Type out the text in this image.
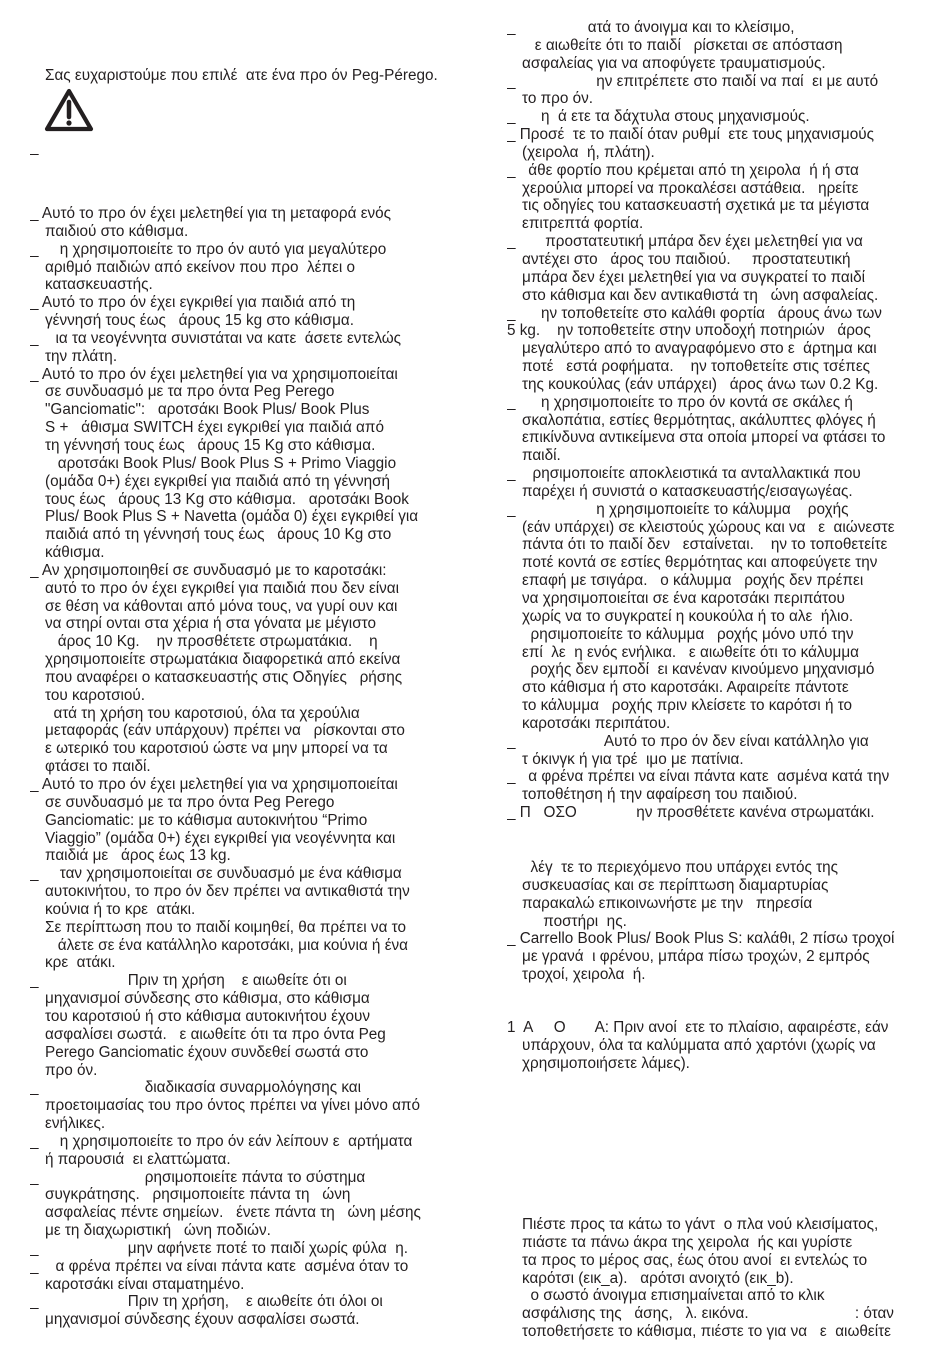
Σας ευχαριστούμε που επιλέ  ατε ένα προ όν Peg-Pérego.
_
_ Αυτό το προ όν έχει μελετηθεί για τη μεταφορά ενός
παιδιού στο κάθισμα.
_     η χρησιμοποιείτε το προ όν αυτό για μεγαλύτερο
αριθμό παιδιών από εκείνον που προ  λέπει ο
κατασκευαστής.
_ Αυτό το προ όν έχει εγκριθεί για παιδιά από τη
γέννησή τους έως   άρους 15 kg στο κάθισμα.
_    ια τα νεογέννητα συνιστάται να κατε  άσετε εντελώς
την πλάτη.
_ Αυτό το προ όν έχει μελετηθεί για να χρησιμοποιείται
σε συνδυασμό με τα προ όντα Peg Perego
"Ganciomatic":   αροτσάκι Book Plus/ Book Plus
S +   άθισμα SWITCH έχει εγκριθεί για παιδιά από
τη γέννησή τους έως   άρους 15 Kg στο κάθισμα.
αροτσάκι Book Plus/ Book Plus S + Primo Viaggio
(ομάδα 0+) έχει εγκριθεί για παιδιά από τη γέννησή
τους έως   άρους 13 Kg στο κάθισμα.   αροτσάκι Book
Plus/ Book Plus S + Navetta (ομάδα 0) έχει εγκριθεί για
παιδιά από τη γέννησή τους έως   άρους 10 Kg στο
κάθισμα.
_ Αν χρησιμοποιηθεί σε συνδυασμό με το καροτσάκι:
αυτό το προ όν έχει εγκριθεί για παιδιά που δεν είναι
σε θέση να κάθονται από μόνα τους, να γυρί ουν και
να στηρί ονται στα χέρια ή στα γόνατα με μέγιστο
άρος 10 Kg.    ην προσθέτετε στρωματάκια.    η
χρησιμοποιείτε στρωματάκια διαφορετικά από εκείνα
που αναφέρει ο κατασκευαστής στις Οδηγίες   ρήσης
του καροτσιού.
ατά τη χρήση του καροτσιού, όλα τα χερούλια
μεταφοράς (εάν υπάρχουν) πρέπει να   ρίσκονται στο
ε ωτερικό του καροτσιού ώστε να μην μπορεί να τα
φτάσει το παιδί.
_ Αυτό το προ όν έχει μελετηθεί για να χρησιμοποιείται
σε συνδυασμό με τα προ όντα Peg Perego
Ganciomatic: με το κάθισμα αυτοκινήτου “Primo
Viaggio” (ομάδα 0+) έχει εγκριθεί για νεογέννητα και
παιδιά με   άρος έως 13 kg.
_     ταν χρησιμοποιείται σε συνδυασμό με ένα κάθισμα
αυτοκινήτου, το προ όν δεν πρέπει να αντικαθιστά την
κούνια ή το κρε  ατάκι.
Σε περίπτωση που το παιδί κοιμηθεί, θα πρέπει να το
άλετε σε ένα κατάλληλο καροτσάκι, μια κούνια ή ένα
κρε  ατάκι.
_                     Πριν τη χρήση    ε αιωθείτε ότι οι
μηχανισμοί σύνδεσης στο κάθισμα, στο κάθισμα
του καροτσιού ή στο κάθισμα αυτοκινήτου έχουν
ασφαλίσει σωστά.   ε αιωθείτε ότι τα προ όντα Peg
Perego Ganciomatic έχουν συνδεθεί σωστά στο
προ όν.
_                         διαδικασία συναρμολόγησης και
προετοιμασίας του προ όντος πρέπει να γίνει μόνο από
ενήλικες.
_     η χρησιμοποιείτε το προ όν εάν λείπουν ε  αρτήματα
ή παρουσιά  ει ελαττώματα.
_                         ρησιμοποιείτε πάντα το σύστημα
συγκράτησης.   ρησιμοποιείτε πάντα τη   ώνη
ασφαλείας πέντε σημείων.   ένετε πάντα τη   ώνη μέσης
με τη διαχωριστική   ώνη ποδιών.
_                     μην αφήνετε ποτέ το παιδί χωρίς φύλα  η.
_    α φρένα πρέπει να είναι πάντα κατε  ασμένα όταν το
καροτσάκι είναι σταματημένο.
_                     Πριν τη χρήση,    ε αιωθείτε ότι όλοι οι
μηχανισμοί σύνδεσης έχουν ασφαλίσει σωστά.
_                 ατά το άνοιγμα και το κλείσιμο,
ε αιωθείτε ότι το παιδί   ρίσκεται σε απόσταση
ασφαλείας για να αποφύγετε τραυματισμούς.
_                   ην επιτρέπετε στο παιδί να παί  ει με αυτό
το προ όν.
_      η  ά ετε τα δάχτυλα στους μηχανισμούς.
_ Προσέ  τε το παιδί όταν ρυθμί  ετε τους μηχανισμούς
(χειρολα  ή, πλάτη).
_   άθε φορτίο που κρέμεται από τη χειρολα  ή ή στα
χερούλια μπορεί να προκαλέσει αστάθεια.   ηρείτε
τις οδηγίες του κατασκευαστή σχετικά με τα μέγιστα
επιτρεπτά φορτία.
_       προστατευτική μπάρα δεν έχει μελετηθεί για να
αντέχει στο   άρος του παιδιού.     προστατευτική
μπάρα δεν έχει μελετηθεί για να συγκρατεί το παιδί
στο κάθισμα και δεν αντικαθιστά τη   ώνη ασφαλείας.
_      ην τοποθετείτε στο καλάθι φορτία   άρους άνω των
5 kg.    ην τοποθετείτε στην υποδοχή ποτηριών   άρος
μεγαλύτερο από το αναγραφόμενο στο ε  άρτημα και
ποτέ   εστά ροφήματα.    ην τοποθετείτε στις τσέπες
της κουκούλας (εάν υπάρχει)   άρος άνω των 0.2 Kg.
_      η χρησιμοποιείτε το προ όν κοντά σε σκάλες ή
σκαλοπάτια, εστίες θερμότητας, ακάλυπτες φλόγες ή
επικίνδυνα αντικείμενα στα οποία μπορεί να φτάσει το
παιδί.
_    ρησιμοποιείτε αποκλειστικά τα ανταλλακτικά που
παρέχει ή συνιστά ο κατασκευαστής/εισαγωγέας.
_                   η χρησιμοποιείτε το κάλυμμα    ροχής
(εάν υπάρχει) σε κλειστούς χώρους και να   ε  αιώνεστε
πάντα ότι το παιδί δεν   εσταίνεται.    ην το τοποθετείτε
ποτέ κοντά σε εστίες θερμότητας και αποφεύγετε την
επαφή με τσιγάρα.   ο κάλυμμα   ροχής δεν πρέπει
να χρησιμοποιείται σε ένα καροτσάκι περιπάτου
χωρίς να το συγκρατεί η κουκούλα ή το αλε  ήλιο.
ρησιμοποιείτε το κάλυμμα   ροχής μόνο υπό την
επί  λε  η ενός ενήλικα.   ε αιωθείτε ότι το κάλυμμα
ροχής δεν εμποδί  ει κανέναν κινούμενο μηχανισμό
στο κάθισμα ή στο καροτσάκι. Αφαιρείτε πάντοτε
το κάλυμμα   ροχής πριν κλείσετε το καρότσι ή το
καροτσάκι περιπάτου.
_                     Αυτό το προ όν δεν είναι κατάλληλο για
τ όκινγκ ή για τρέ  ιμο με πατίνια.
_   α φρένα πρέπει να είναι πάντα κατε  ασμένα κατά την
τοποθέτηση ή την αφαίρεση του παιδιού.
_ Π   ΟΣΟ              ην προσθέτετε κανένα στρωματάκι.
λέγ  τε το περιεχόμενο που υπάρχει εντός της
συσκευασίας και σε περίπτωση διαμαρτυρίας
παρακαλώ επικοινωνήστε με την   πηρεσία
ποστήρι  ης.
_ Carrello Book Plus/ Book Plus S: καλάθι, 2 πίσω τροχοί
με γρανά  ι φρένου, μπάρα πίσω τροχών, 2 εμπρός
τροχοί, χειρολα  ή.
1  Α     Ο       Α: Πριν ανοί  ετε το πλαίσιο, αφαιρέστε, εάν
υπάρχουν, όλα τα καλύμματα από χαρτόνι (χωρίς να
χρησιμοποιήσετε λάμες).
Πιέστε προς τα κάτω το γάντ  ο πλα νού κλεισίματος,
πιάστε τα πάνω άκρα της χειρολα  ής και γυρίστε
τα προς το μέρος σας, έως ότου ανοί  ει εντελώς το
καρότσι (εικ_a).   αρότσι ανοιχτό (εικ_b).
ο σωστό άνοιγμα επισημαίνεται από το κλικ
ασφάλισης της   άσης,   λ. εικόνα.                         : όταν
τοποθετήσετε το κάθισμα, πιέστε το για να   ε  αιωθείτε
